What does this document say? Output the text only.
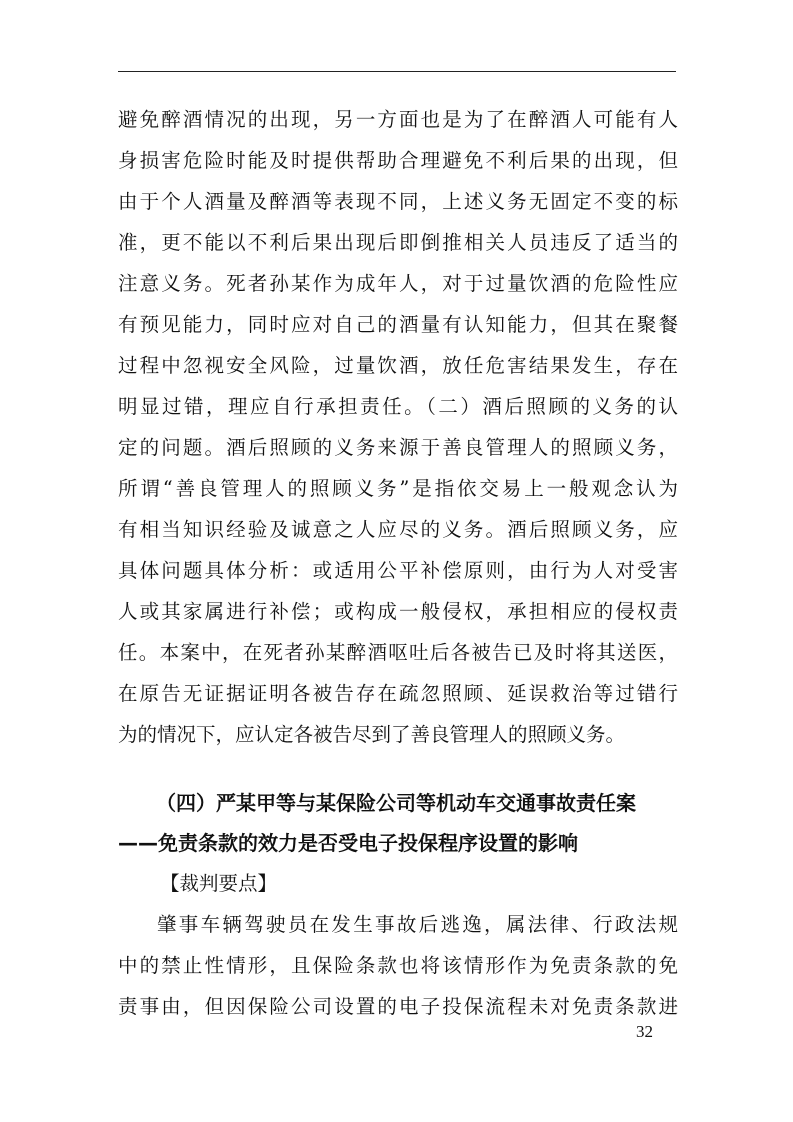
避免醉酒情况的出现，另一方面也是为了在醉酒人可能有人
身损害危险时能及时提供帮助合理避免不利后果的出现，但
由于个人酒量及醉酒等表现不同，上述义务无固定不变的标
准，更不能以不利后果出现后即倒推相关人员违反了适当的
注意义务。死者孙某作为成年人，对于过量饮酒的危险性应
有预见能力，同时应对自己的酒量有认知能力，但其在聚餐
过程中忽视安全风险，过量饮酒，放任危害结果发生，存在
明显过错，理应自行承担责任。（二）酒后照顾的义务的认
定的问题。酒后照顾的义务来源于善良管理人的照顾义务，
所谓“善良管理人的照顾义务”是指依交易上一般观念认为
有相当知识经验及诚意之人应尽的义务。酒后照顾义务，应
具体问题具体分析：或适用公平补偿原则，由行为人对受害
人或其家属进行补偿；或构成一般侵权，承担相应的侵权责
任。本案中，在死者孙某醉酒呕吐后各被告已及时将其送医，
在原告无证据证明各被告存在疏忽照顾、延误救治等过错行
为的情况下，应认定各被告尽到了善良管理人的照顾义务。
（四）严某甲等与某保险公司等机动车交通事故责任案
——免责条款的效力是否受电子投保程序设置的影响
【裁判要点】
肇事车辆驾驶员在发生事故后逃逸，属法律、行政法规
中的禁止性情形，且保险条款也将该情形作为免责条款的免
责事由，但因保险公司设置的电子投保流程未对免责条款进
32
